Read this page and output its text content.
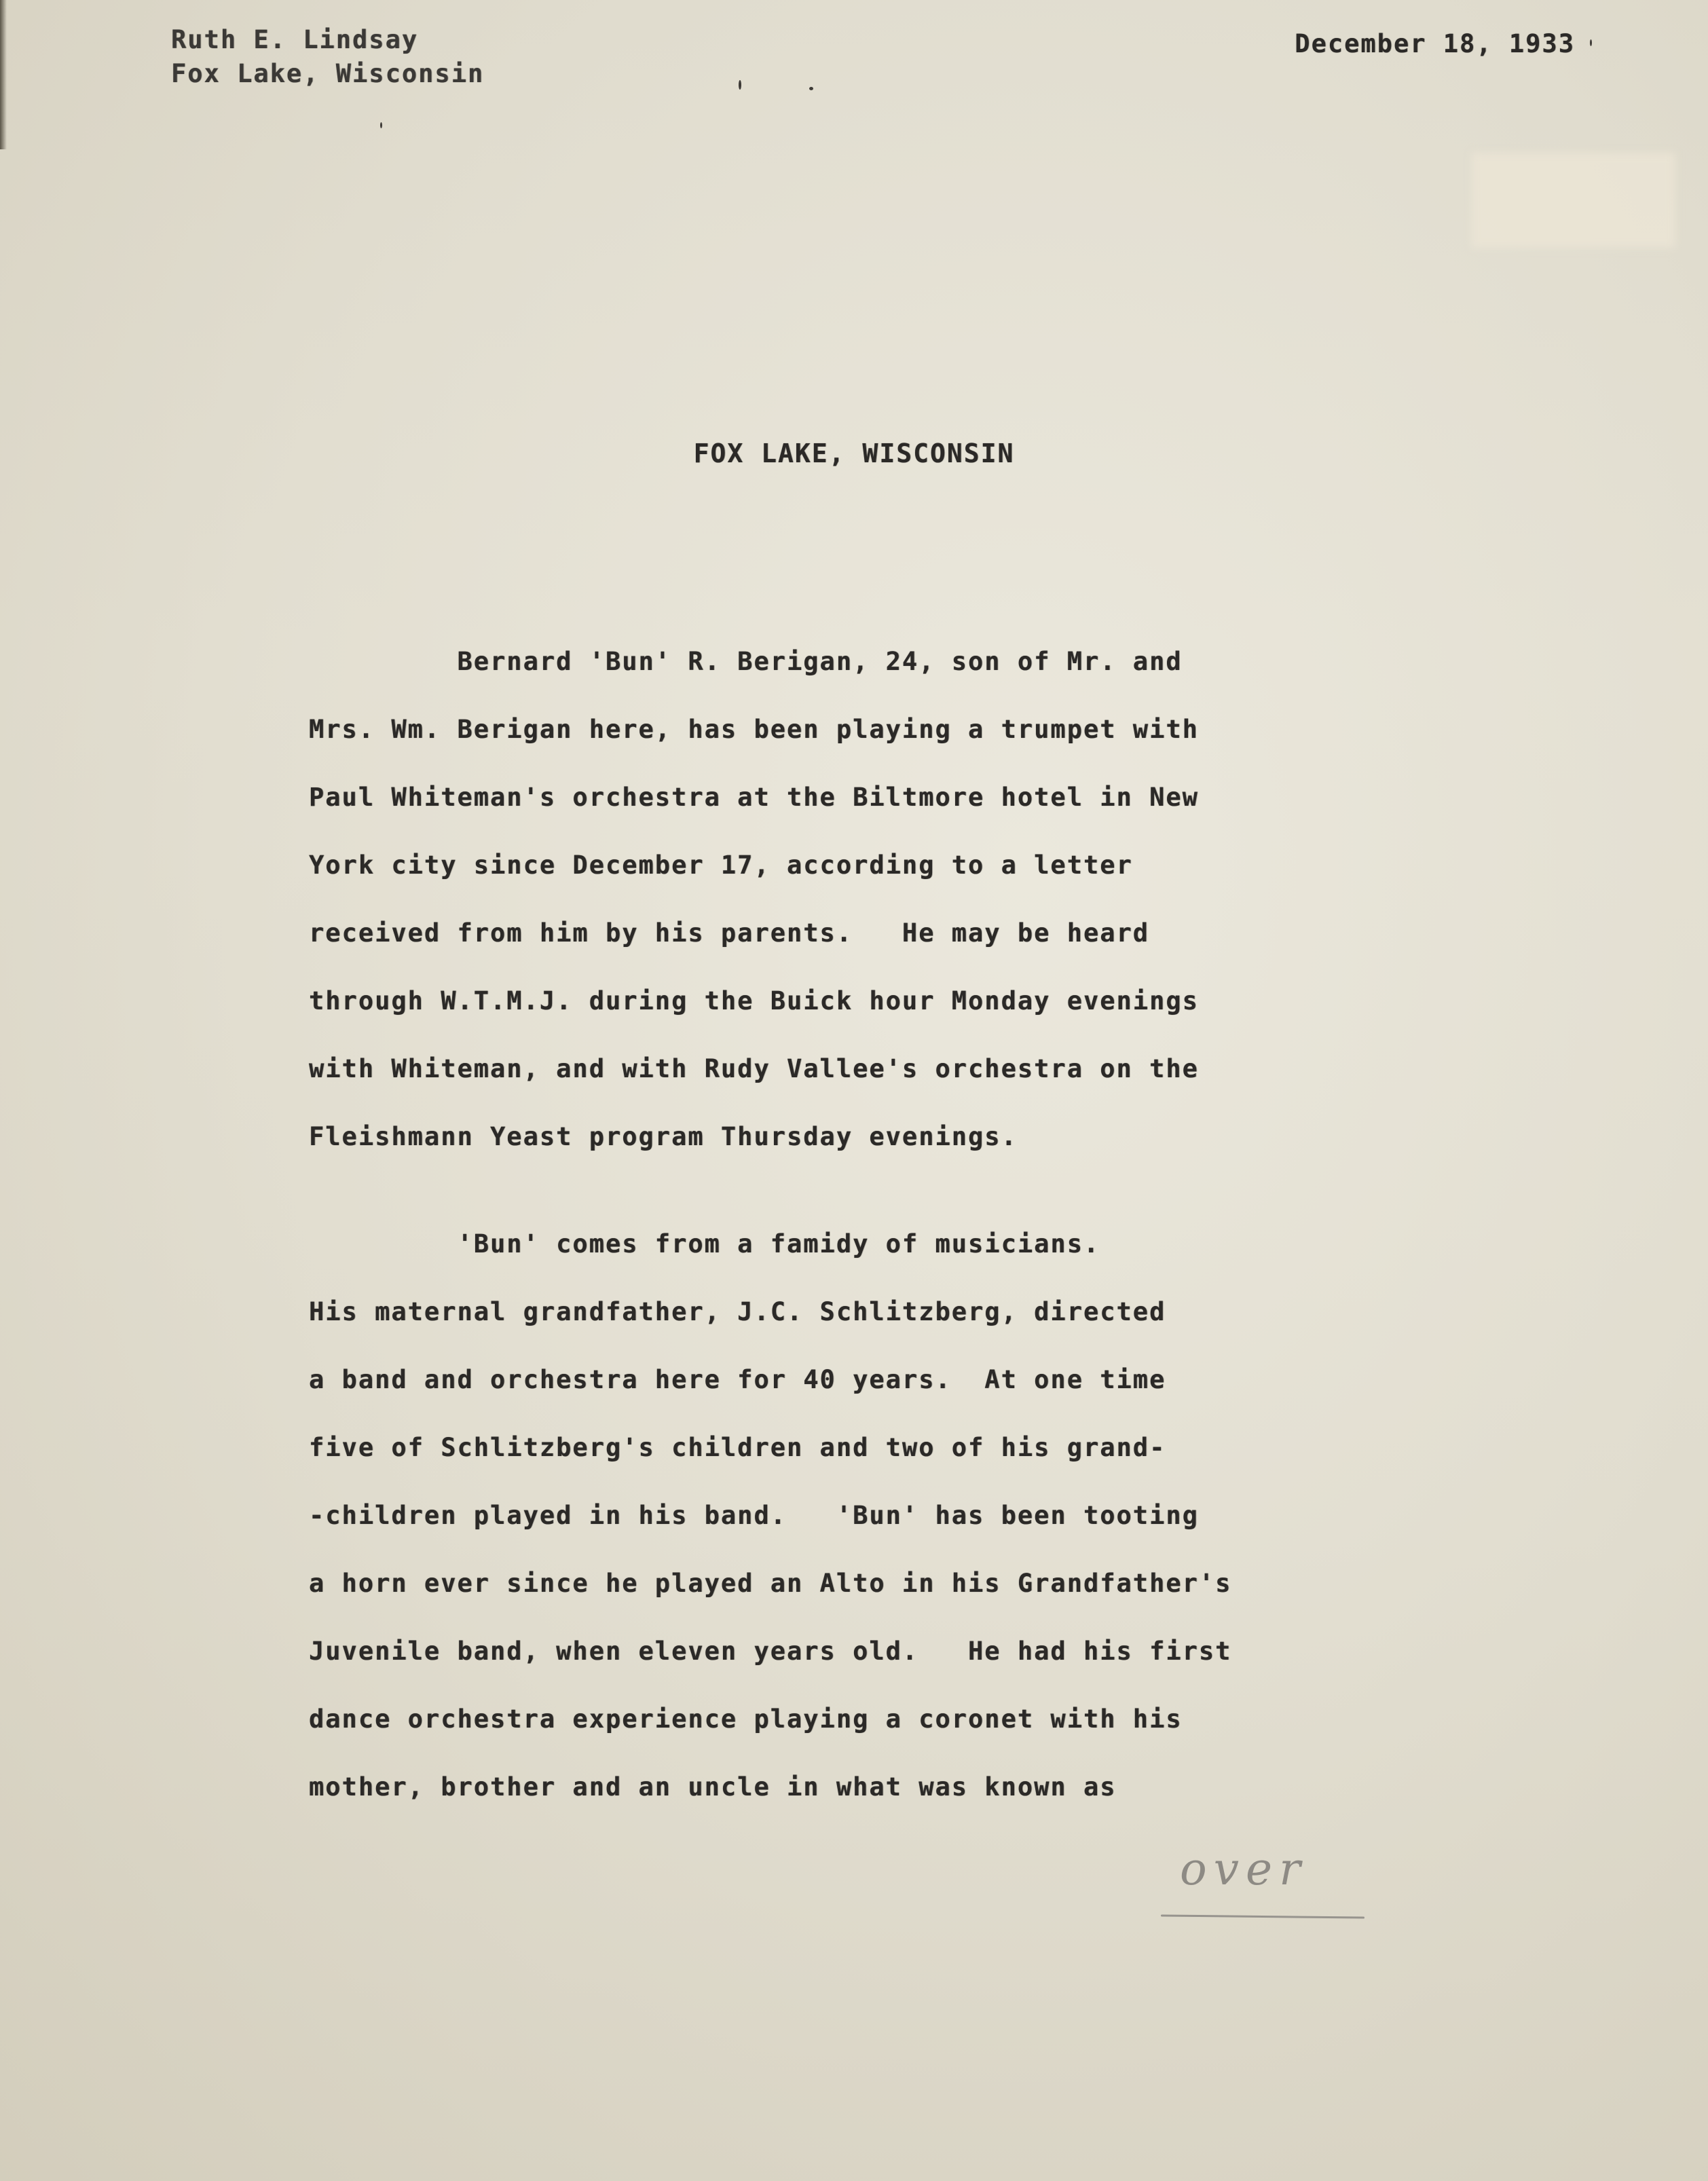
Ruth E. Lindsay
Fox Lake, Wisconsin
December 18, 1933
FOX LAKE, WISCONSIN
Bernard 'Bun' R. Berigan, 24, son of Mr. and
Mrs. Wm. Berigan here, has been playing a trumpet with
Paul Whiteman's orchestra at the Biltmore hotel in New
York city since December 17, according to a letter
received from him by his parents.   He may be heard
through W.T.M.J. during the Buick hour Monday evenings
with Whiteman, and with Rudy Vallee's orchestra on the
Fleishmann Yeast program Thursday evenings.
'Bun' comes from a famidy of musicians.
His maternal grandfather, J.C. Schlitzberg, directed
a band and orchestra here for 40 years.  At one time
five of Schlitzberg's children and two of his grand-
-children played in his band.   'Bun' has been tooting
a horn ever since he played an Alto in his Grandfather's
Juvenile band, when eleven years old.   He had his first
dance orchestra experience playing a coronet with his
mother, brother and an uncle in what was known as
over
